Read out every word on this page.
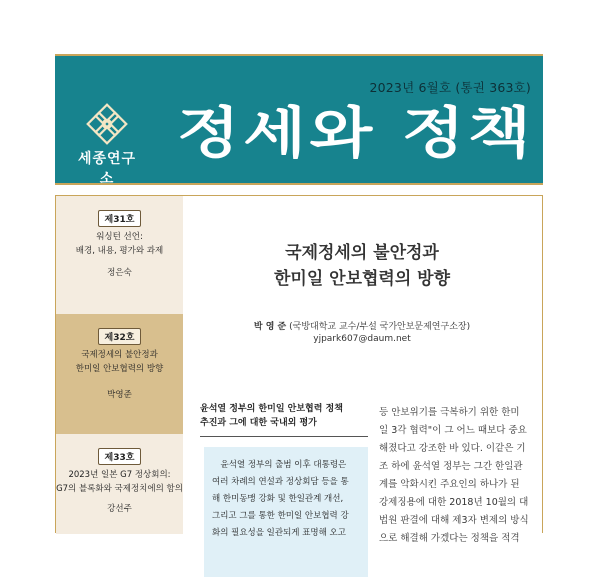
2023년 6월호 (통권 363호)
세종연구소
정세와 정책
제31호
워싱턴 선언:
배경, 내용, 평가와 과제
정은숙
제32호
국제정세의 불안정과
한미일 안보협력의 방향
박영준
제33호
2023년 일본 G7 정상회의:
G7의 블록화와 국제정치에의 함의
강선주
국제정세의 불안정과
한미일 안보협력의 방향
박 영 준 (국방대학교 교수/부설 국가안보문제연구소장)
yjpark607@daum.net
윤석열 정부의 한미일 안보협력 정책
추진과 그에 대한 국내외 평가

윤석열 정부의 출범 이후 대통령은

여러 차례의 연설과 정상회담 등을 통
해 한미동맹 강화 및 한일관계 개선,
그리고 그를 통한 한미일 안보협력 강
화의 필요성을 일관되게 표명해 오고
등 안보위기를 극복하기 위한 한미
일 3각 협력"이 그 어느 때보다 중요
해졌다고 강조한 바 있다. 이같은 기
조 하에 윤석열 정부는 그간 한일관
계를 악화시킨 주요인의 하나가 된
강제징용에 대한 2018년 10월의 대
법원 판결에 대해 제3자 변제의 방식
으로 해결해 가겠다는 정책을 적격
